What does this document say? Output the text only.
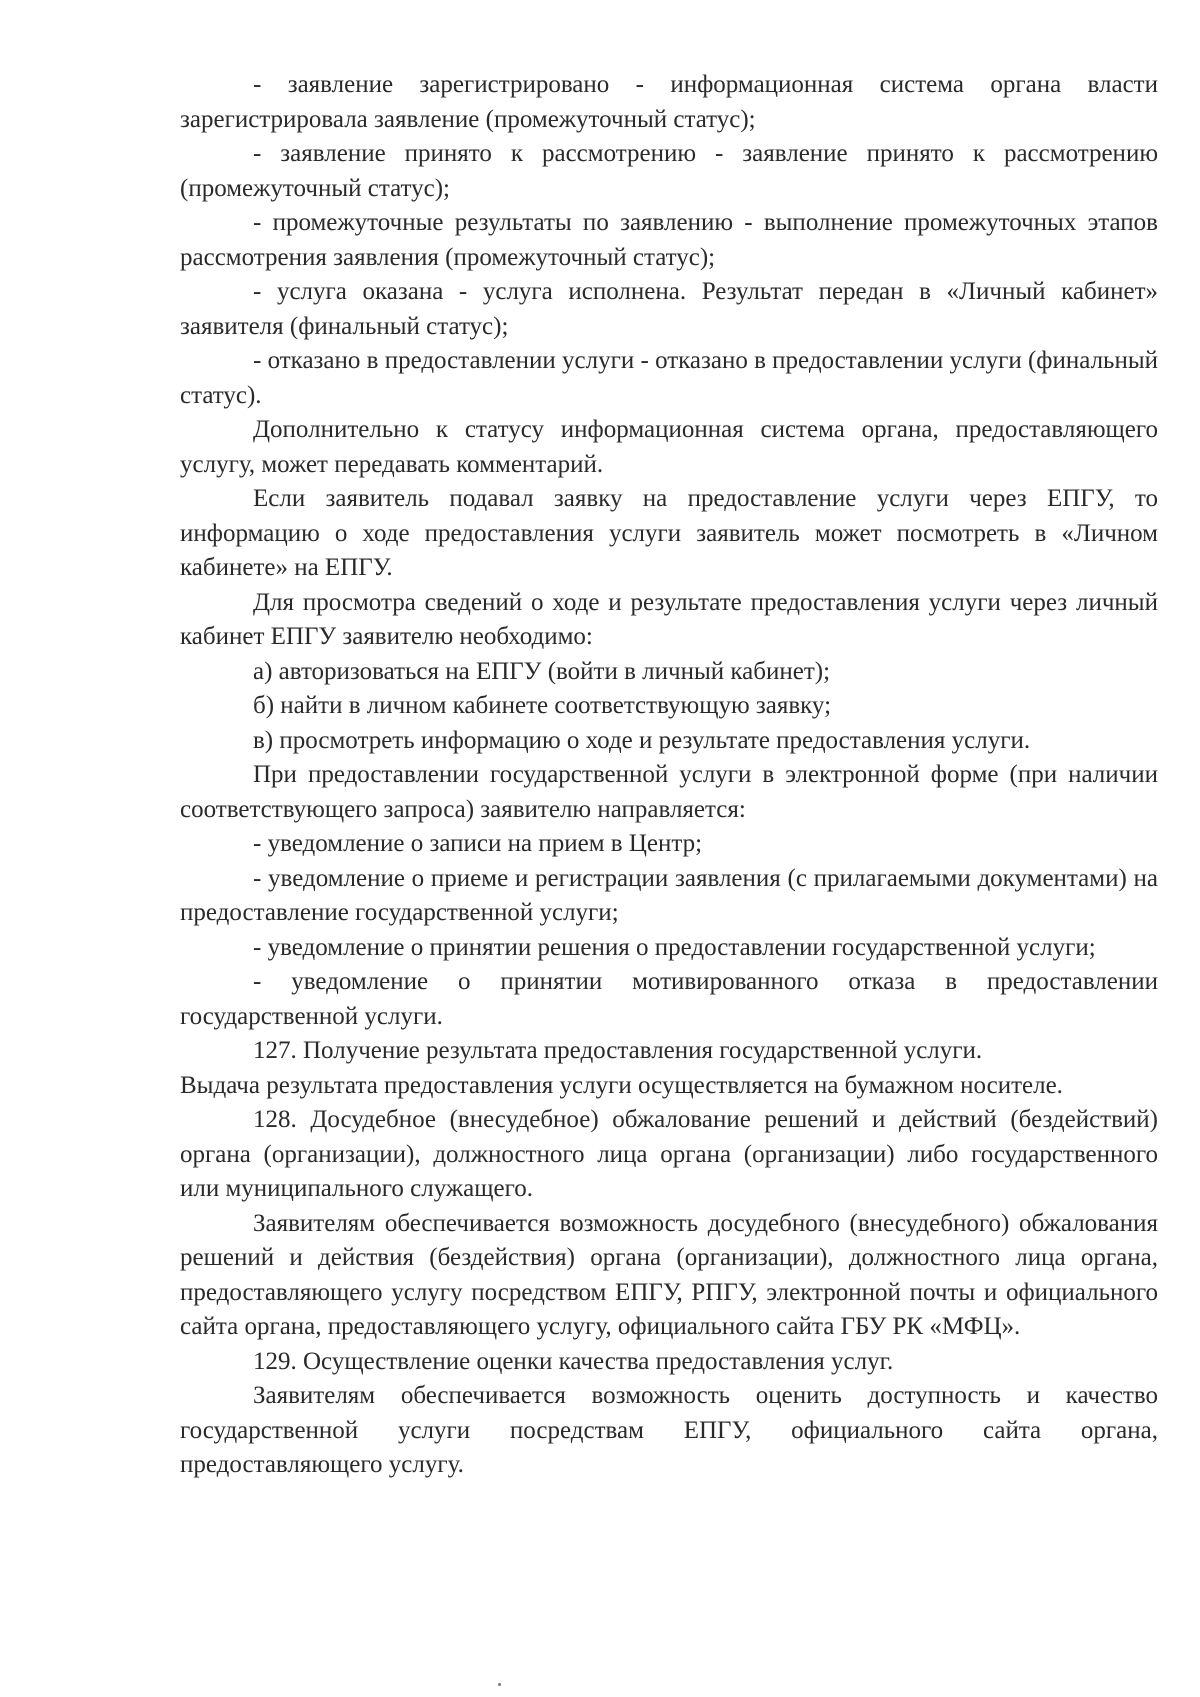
- заявление зарегистрировано - информационная система органа власти зарегистрировала заявление (промежуточный статус);

- заявление принято к рассмотрению - заявление принято к рассмотрению (промежуточный статус);

- промежуточные результаты по заявлению - выполнение промежуточных этапов рассмотрения заявления (промежуточный статус);

- услуга оказана - услуга исполнена. Результат передан в «Личный кабинет» заявителя (финальный статус);

- отказано в предоставлении услуги - отказано в предоставлении услуги (финальный статус).

Дополнительно к статусу информационная система органа, предоставляющего услугу, может передавать комментарий.

Если заявитель подавал заявку на предоставление услуги через ЕПГУ, то информацию о ходе предоставления услуги заявитель может посмотреть в «Личном кабинете» на ЕПГУ.

Для просмотра сведений о ходе и результате предоставления услуги через личный кабинет ЕПГУ заявителю необходимо:

а) авторизоваться на ЕПГУ (войти в личный кабинет);

б) найти в личном кабинете соответствующую заявку;

в) просмотреть информацию о ходе и результате предоставления услуги.

При предоставлении государственной услуги в электронной форме (при наличии соответствующего запроса) заявителю направляется:

- уведомление о записи на прием в Центр;

- уведомление о приеме и регистрации заявления (с прилагаемыми документами) на предоставление государственной услуги;

- уведомление о принятии решения о предоставлении государственной услуги;

- уведомление о принятии мотивированного отказа в предоставлении государственной услуги.

127. Получение результата предоставления государственной услуги.

Выдача результата предоставления услуги осуществляется на бумажном носителе.

128. Досудебное (внесудебное) обжалование решений и действий (бездействий) органа (организации), должностного лица органа (организации) либо государственного или муниципального служащего.

Заявителям обеспечивается возможность досудебного (внесудебного) обжалования решений и действия (бездействия) органа (организации), должностного лица органа, предоставляющего услугу посредством ЕПГУ, РПГУ, электронной почты и официального сайта органа, предоставляющего услугу, официального сайта ГБУ РК «МФЦ».

129. Осуществление оценки качества предоставления услуг.

Заявителям обеспечивается возможность оценить доступность и качество государственной услуги посредствам ЕПГУ, официального сайта органа, предоставляющего услугу.
